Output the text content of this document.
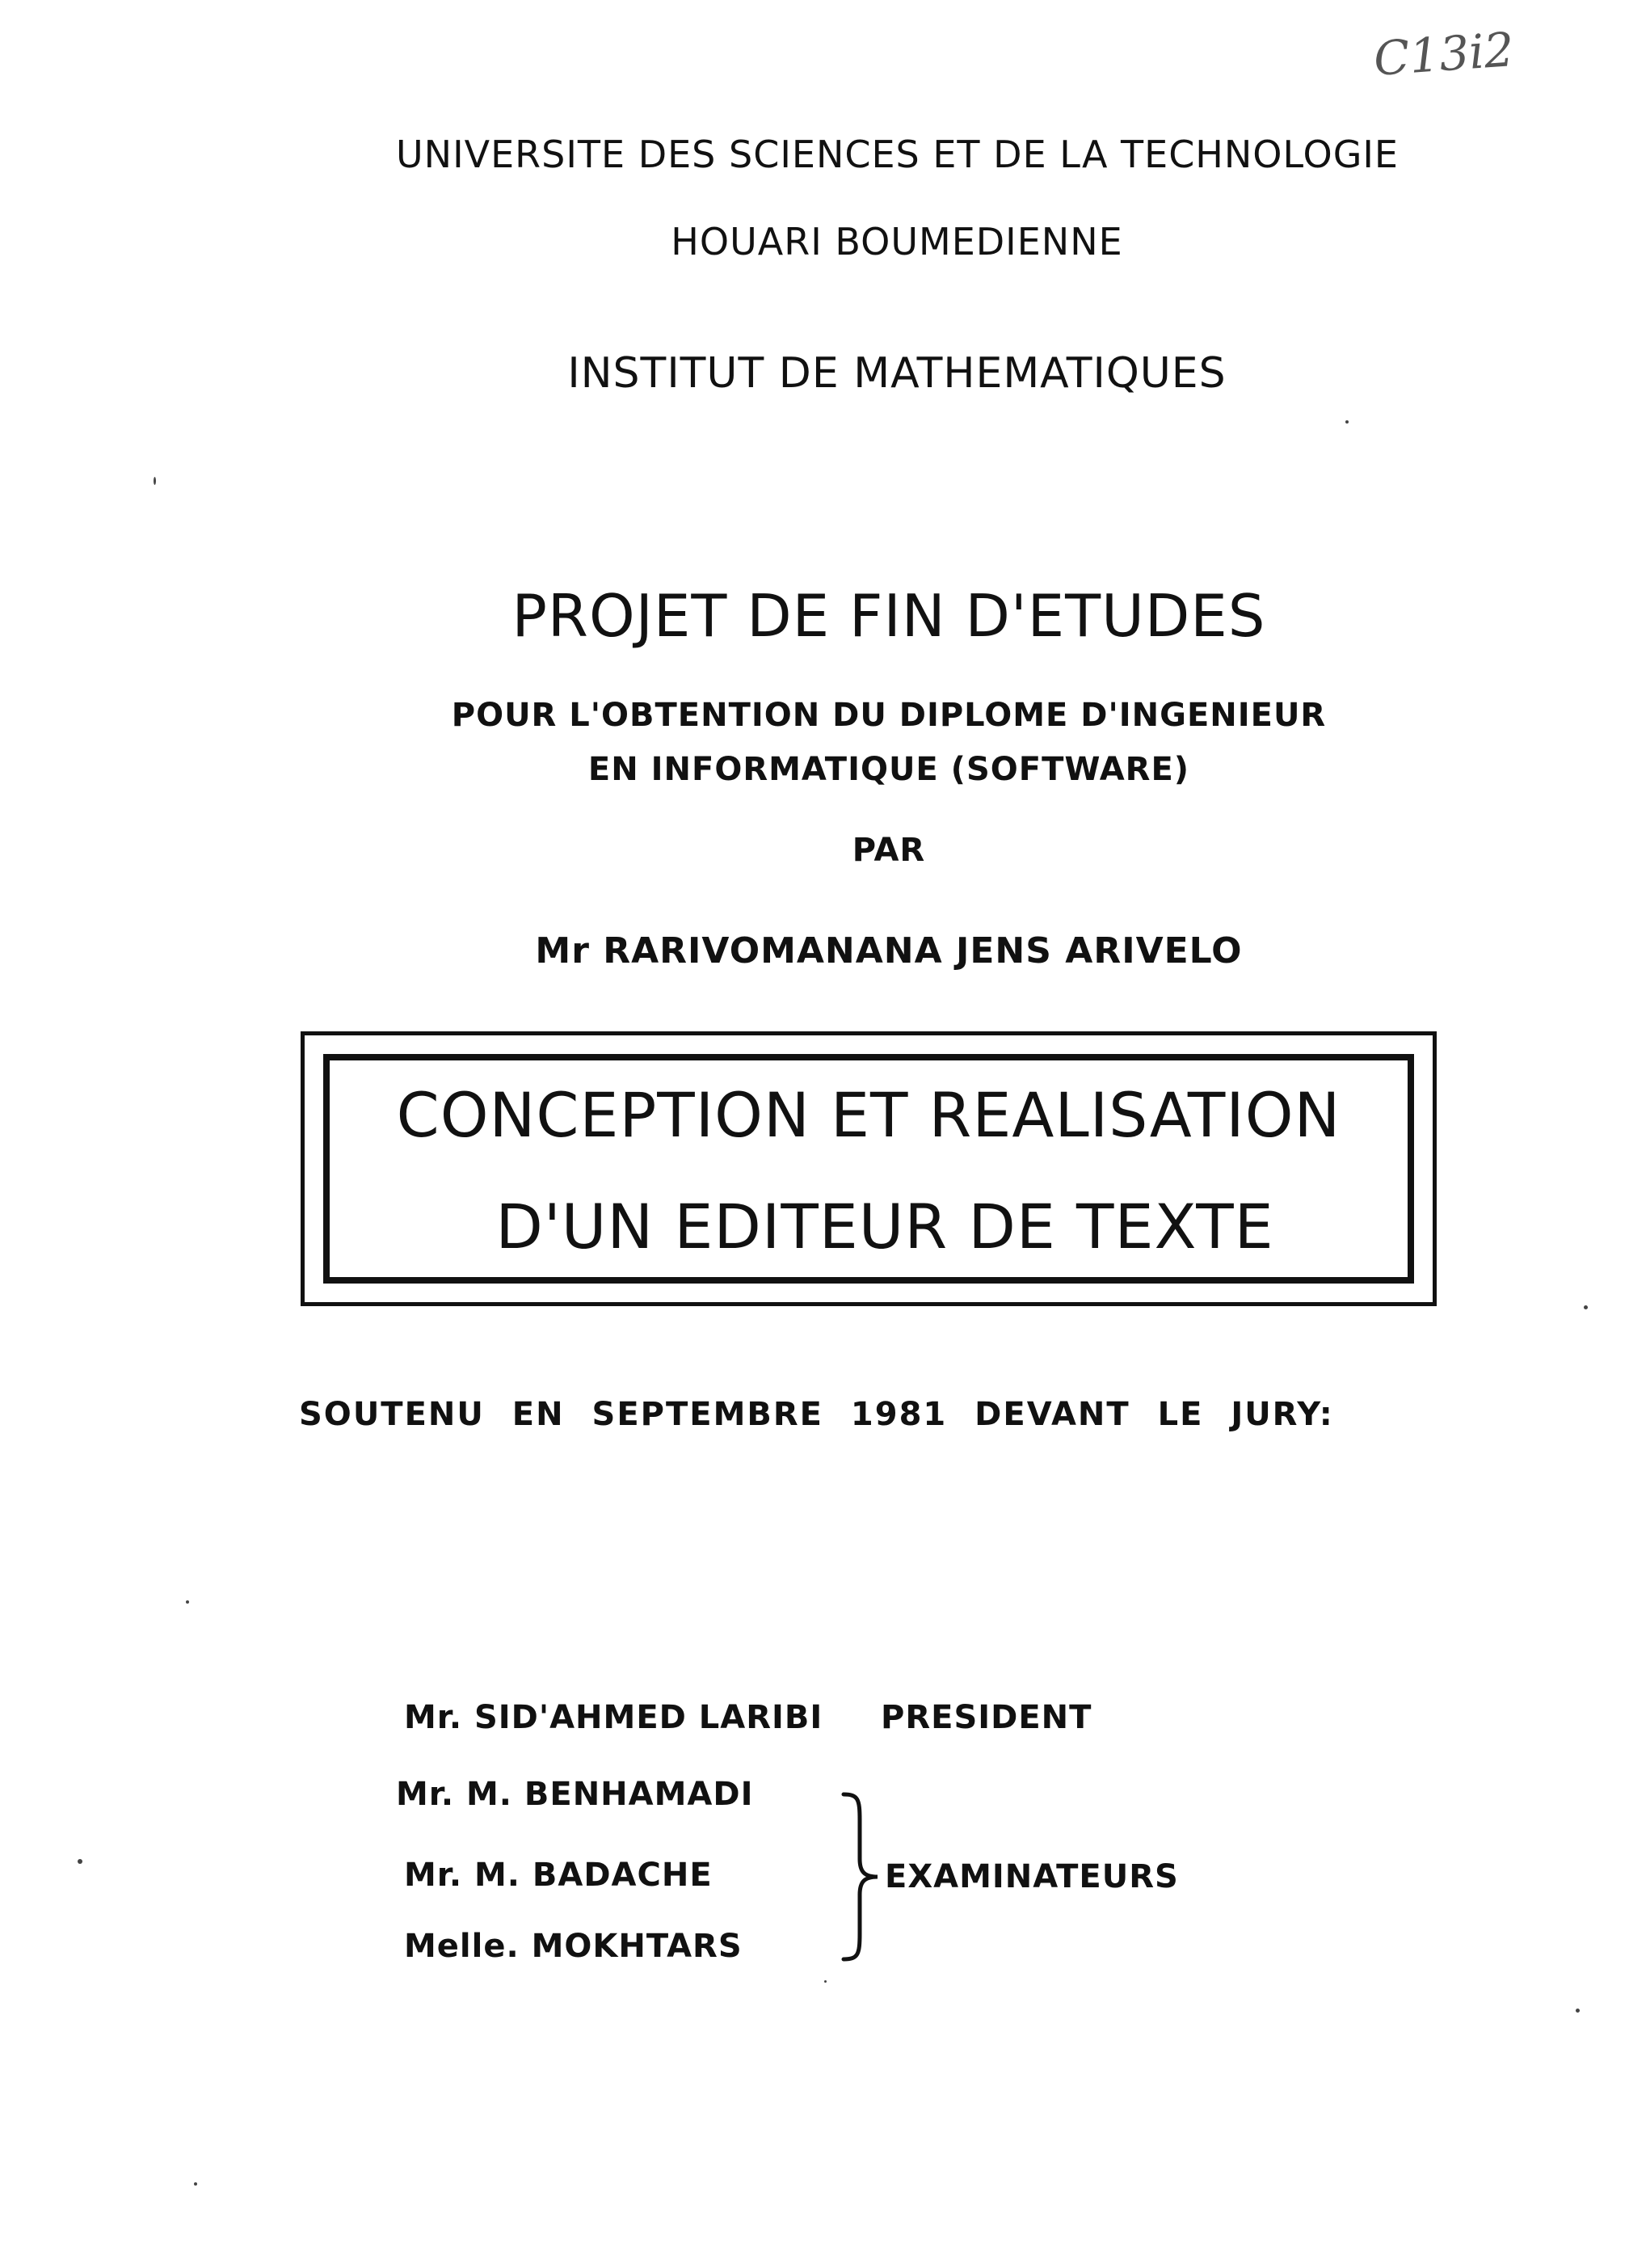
C13i2
UNIVERSITE DES SCIENCES ET DE LA TECHNOLOGIE
HOUARI BOUMEDIENNE
INSTITUT DE MATHEMATIQUES
PROJET DE FIN D'ETUDES
POUR L'OBTENTION DU DIPLOME D'INGENIEUR
EN INFORMATIQUE (SOFTWARE)
PAR
Mr RARIVOMANANA JENS ARIVELO
CONCEPTION ET REALISATION
D'UN EDITEUR DE TEXTE
SOUTENU EN SEPTEMBRE 1981 DEVANT LE JURY:
Mr. SID'AHMED LARIBI
Mr. M. BENHAMADI
Mr. M. BADACHE
Melle. MOKHTARS
PRESIDENT
EXAMINATEURS
